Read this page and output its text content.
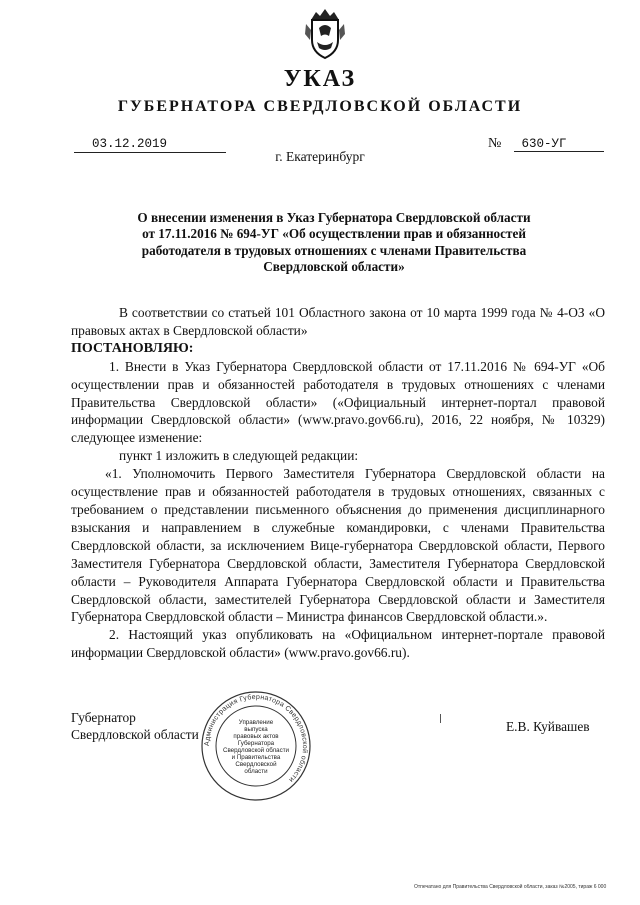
УКАЗ
ГУБЕРНАТОРА СВЕРДЛОВСКОЙ ОБЛАСТИ
03.12.2019	№ 630-УГ
г. Екатеринбург
О внесении изменения в Указ Губернатора Свердловской области
от 17.11.2016 № 694-УГ «Об осуществлении прав и обязанностей
работодателя в трудовых отношениях с членами Правительства
Свердловской области»

В соответствии со статьей 101 Областного закона от 10 марта 1999 года № 4-ОЗ «О правовых актах в Свердловской области»

ПОСТАНОВЛЯЮ:

1. Внести в Указ Губернатора Свердловской области от 17.11.2016 № 694-УГ «Об осуществлении прав и обязанностей работодателя в трудовых отношениях с членами Правительства Свердловской области» («Официальный интернет-портал правовой информации Свердловской области» (www.pravo.gov66.ru), 2016, 22 ноября, № 10329) следующее изменение:

пункт 1 изложить в следующей редакции:

«1. Уполномочить Первого Заместителя Губернатора Свердловской области на осуществление прав и обязанностей работодателя в трудовых отношениях, связанных с требованием о представлении письменного объяснения до применения дисциплинарного взыскания и направлением в служебные командировки, с членами Правительства Свердловской области, за исключением Вице-губернатора Свердловской области, Первого Заместителя Губернатора Свердловской области, Заместителя Губернатора Свердловской области – Руководителя Аппарата Губернатора Свердловской области и Правительства Свердловской области, заместителей Губернатора Свердловской области и Заместителя Губернатора Свердловской области – Министра финансов Свердловской области.».

2. Настоящий указ опубликовать на «Официальном интернет-портале правовой информации Свердловской области» (www.pravo.gov66.ru).

Губернатор
Свердловской области
Администрация Губернатора Свердловской области
Управление
выпуска
правовых актов
Губернатора
Свердловской области
и Правительства
Свердловской
области
Е.В. Куйвашев
Отпечатано для Правительства Свердловской области, заказ №2005, тираж 6 000
